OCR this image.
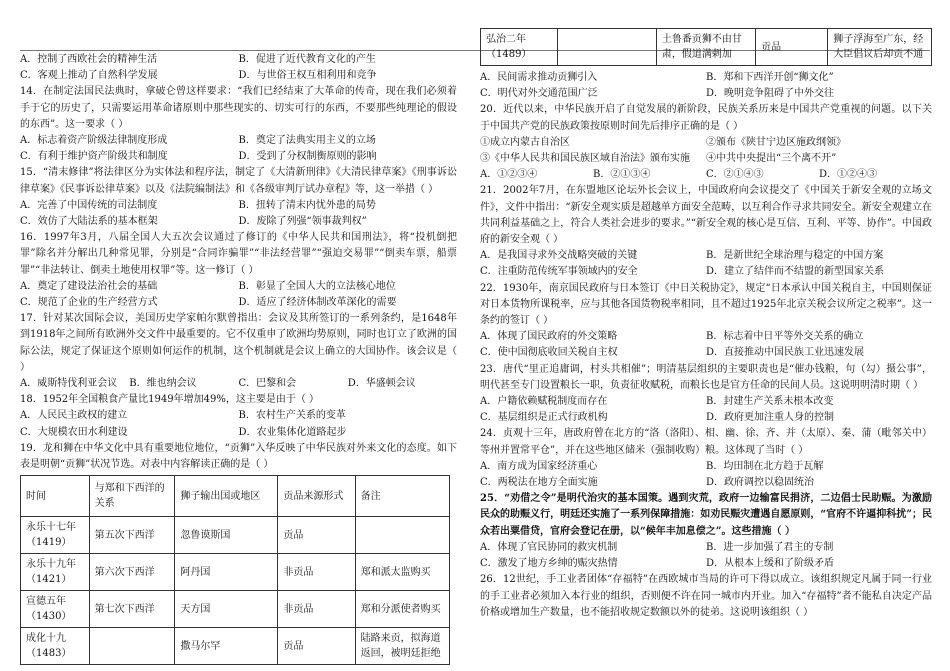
A．控制了西欧社会的精神生活	B．促进了近代教育文化的产生
C．客观上推动了自然科学发展	D．与世俗王权互相利用和竞争

14．在制定法国民法典时，拿破仑曾这样要求：“我们已经结束了大革命的传奇，现在我们必须着手于它的历史了，只需要运用革命诸原则中那些现实的、切实可行的东西，不要那些纯理论的假设的东西”。这一要求（ ）

A．标志着资产阶级法律制度形成	B．奠定了法典实用主义的立场
C．有利于维护资产阶级共和制度	D．受到了分权制衡原则的影响

15．“清末修律”将法律区分为实体法和程序法，制定了《大清新刑律》《大清民律草案》《刑事诉讼律草案》《民事诉讼律草案》以及《法院编制法》和《各级审判厅试办章程》等，这一举措（ ）

A．完善了中国传统的司法制度	B．扭转了清末内忧外患的局势
C．效仿了大陆法系的基本框架	D．废除了列强“领事裁判权”

16．1997年3月，八届全国人大五次会议通过了修订的《中华人民共和国刑法》，将“投机倒把罪”除名并分解出几种常见罪，分别是“合同诈骗罪”“非法经营罪”“强迫交易罪”“倒卖车票，船票罪”“非法转让、倒卖土地使用权罪”等。这一修订（ ）

A．奠定了建设法治社会的基础	B．彰显了全国人大的立法核心地位
C．规范了企业的生产经营方式	D．适应了经济体制改革深化的需要

17．针对某次国际会议，美国历史学家帕尔默曾指出：会议及其所签订的一系列条约，是1648年到1918年之间所有欧洲外交文件中最重要的。它不仅重申了欧洲均势原则，同时也订立了欧洲的国际公法，规定了保证这个原则如何运作的机制，这个机制就是会议上确立的大国协作。该会议是（ ）

A．威斯特伐利亚会议	B．维也纳会议	C．巴黎和会	D．华盛顿会议

18．1952年全国粮食产量比1949年增加49%，这主要是由于（ ）

A．人民民主政权的建立	B．农村生产关系的变革
C．大规模农田水利建设	D．农业集体化道路起步

19．龙和狮在中华文化中具有重要地位地位，“贡狮”入华反映了中华民族对外来文化的态度。如下表是明朝“贡狮”状况节选。对表中内容解读正确的是（ ）

时间	与郑和下西洋的关系	狮子输出国或地区	贡品来源形式	备注
永乐十七年（1419）	第五次下西洋	忽鲁谟斯国	贡品	
永乐十九年（1421）	第六次下西洋	阿丹国	非贡品	郑和派太监购买
宣德五年（1430）	第七次下西洋	天方国	非贡品	郑和分派使者购买
成化十九（1483）		撒马尔罕	贡品	陆路来贡，拟海道返回，被明廷拒绝
弘治二年（1489）		土鲁番贡狮不由甘肃，假道满剌加	贡品	狮子浮海至广东，经大臣倡议后却贡不通
A．民间需求推动贡狮引入	B．郑和下西洋开创“狮文化”
C．明代对外交通范围广泛	D．晚明竞争阻碍了中外交往

20．近代以来，中华民族开启了自觉发展的新阶段，民族关系历来是中国共产党重视的问题。以下关于中国共产党的民族政策按原则时间先后排序正确的是（ ）

①成立内蒙古自治区	②颁布《陕甘宁边区施政纲领》
③《中华人民共和国民族区域自治法》颁布实施	④中共中央提出“三个离不开”
A．①②③④	B．②①③④	C．②①④③	D．①②④③

21．2002年7月，在东盟地区论坛外长会议上，中国政府向会议提交了《中国关于新安全观的立场文件》，文件中指出：“新安全观实质是超越单方面安全范畴，以互利合作寻求共同安全。新安全观建立在共同利益基础之上，符合人类社会进步的要求。”“新安全观的核心是互信、互利、平等、协作”。中国政府的新安全观（ ）

A．是我国寻求外交战略突破的关键	B．是新世纪全球治理与稳定的中国方案
C．注重防范传统军事领域内的安全	D．建立了结伴而不结盟的新型国家关系

22．1930年，南京国民政府与日本签订《中日关税协定》，规定“日本承认中国关税自主，中国则保证对日本货物所课税率，应与其他各国货物税率相同，且不超过1925年北京关税会议所定之税率”。这一条约的签订（ ）

A．体现了国民政府的外交策略	B．标志着中日平等外交关系的确立
C．使中国彻底收回关税自主权	D．直接推动中国民族工业迅速发展

23．唐代“里正追庸调，村头共相催”；明清基层组织的主要职责也是“催办钱粮，句（勾）摄公事”，明代甚至专门设置粮长一职，负责征收赋税，而粮长也是官方任命的民间人员。这说明明清时期（ ）

A．户籍依赖赋税制度而存在	B．封建生产关系未根本改变
C．基层组织是正式行政机构	D．政府更加注重人身的控制

24．贞观十三年，唐政府曾在北方的“洛（洛阳）、相、幽、徐、齐、并（太原）、秦、蒲（毗邻关中）等州并置常平仓”，并在这些地区储米（强制收购）粮。这体现了当时（ ）

A．南方成为国家经济重心	B．均田制在北方趋于瓦解
C．两税法在地方全面实施	D．政府调控以稳固统治

25．“劝借之令”是明代治灾的基本国策。遇到灾荒，政府一边输富民捐济，二边倡士民助赈。为激励民众的助赈义行，明廷还实施了一系列保障措施：如劝民赈灾遭遇自愿原则，“官府不许逼抑科扰”；民众若出粟借贷，官府会登记在册，以“候年丰加息偿之”。这些措施（ ）

A．体现了官民协同的救灾机制	B．进一步加强了君主的专制
C．激发了地方乡绅的赈灾热情	D．从根本上缓和了阶级矛盾

26．12世纪，手工业者团体“存福特”在西欧城市当局的许可下得以成立。该组织规定凡属于同一行业的手工业者必须加入本行业的组织，否则便不许在同一城市内开业。加入“存福特”者不能私自决定产品价格或增加生产数量，也不能招收规定数额以外的徒弟。这说明该组织（ ）
